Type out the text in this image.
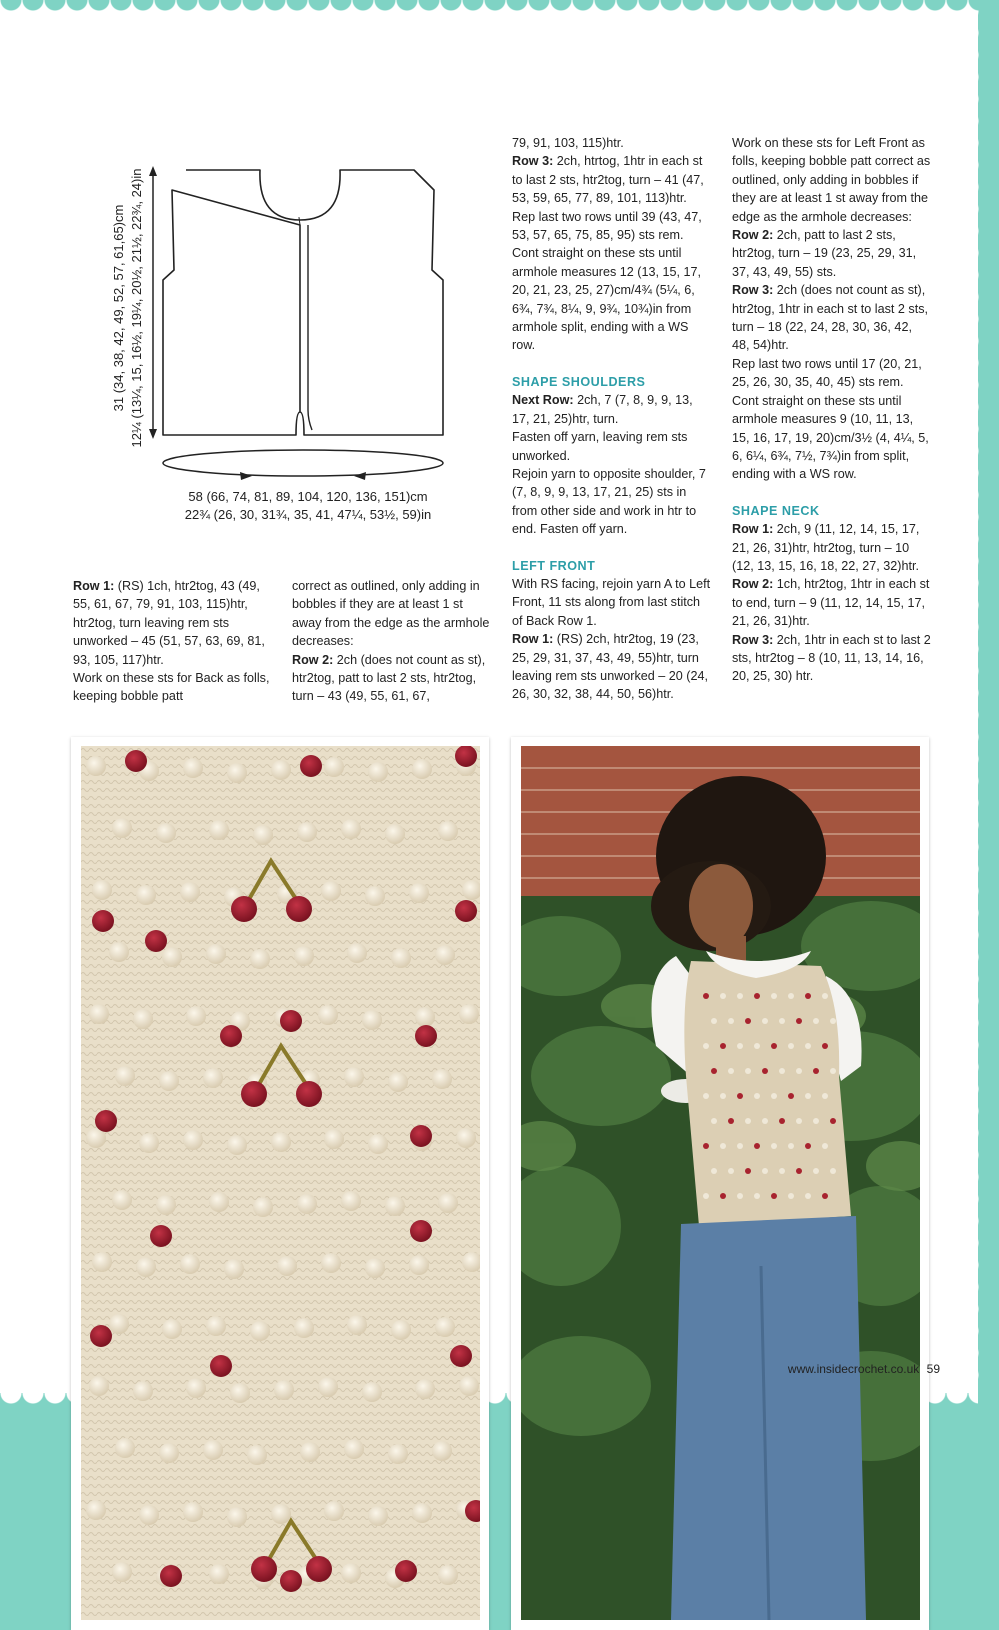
31 (34, 38, 42, 49, 52, 57, 61,65)cm 12¼ (13¼, 15, 16½, 19¼, 20½, 21½, 22¾, 24)in
58 (66, 74, 81, 89, 104, 120, 136, 151)cm
22¾ (26, 30, 31¾, 35, 41, 47¼, 53½, 59)in

Row 1: (RS) 1ch, htr2tog, 43 (49, 55, 61, 67, 79, 91, 103, 115)htr, htr2tog, turn leaving rem sts unworked – 45 (51, 57, 63, 69, 81, 93, 105, 117)htr.

Work on these sts for Back as folls, keeping bobble patt

correct as outlined, only adding in bobbles if they are at least 1 st away from the edge as the armhole decreases:

Row 2: 2ch (does not count as st), htr2tog, patt to last 2 sts, htr2tog, turn – 43 (49, 55, 61, 67,

79, 91, 103, 115)htr.

Row 3: 2ch, htrtog, 1htr in each st to last 2 sts, htr2tog, turn – 41 (47, 53, 59, 65, 77, 89, 101, 113)htr.

Rep last two rows until 39 (43, 47, 53, 57, 65, 75, 85, 95) sts rem.

Cont straight on these sts until armhole measures 12 (13, 15, 17, 20, 21, 23, 25, 27)cm/4¾ (5¼, 6, 6¾, 7¾, 8¼, 9, 9¾, 10¾)in from armhole split, ending with a WS row.

SHAPE SHOULDERS

Next Row: 2ch, 7 (7, 8, 9, 9, 13, 17, 21, 25)htr, turn.

Fasten off yarn, leaving rem sts unworked.

Rejoin yarn to opposite shoulder, 7 (7, 8, 9, 9, 13, 17, 21, 25) sts in from other side and work in htr to end. Fasten off yarn.

LEFT FRONT

With RS facing, rejoin yarn A to Left Front, 11 sts along from last stitch of Back Row 1.

Row 1: (RS) 2ch, htr2tog, 19 (23, 25, 29, 31, 37, 43, 49, 55)htr, turn leaving rem sts unworked – 20 (24, 26, 30, 32, 38, 44, 50, 56)htr.

Work on these sts for Left Front as folls, keeping bobble patt correct as outlined, only adding in bobbles if they are at least 1 st away from the edge as the armhole decreases:

Row 2: 2ch, patt to last 2 sts, htr2tog, turn – 19 (23, 25, 29, 31, 37, 43, 49, 55) sts.

Row 3: 2ch (does not count as st), htr2tog, 1htr in each st to last 2 sts, turn – 18 (22, 24, 28, 30, 36, 42, 48, 54)htr.

Rep last two rows until 17 (20, 21, 25, 26, 30, 35, 40, 45) sts rem.

Cont straight on these sts until armhole measures 9 (10, 11, 13, 15, 16, 17, 19, 20)cm/3½ (4, 4¼, 5, 6, 6¼, 6¾, 7½, 7¾)in from split, ending with a WS row.

SHAPE NECK

Row 1: 2ch, 9 (11, 12, 14, 15, 17, 21, 26, 31)htr, htr2tog, turn – 10 (12, 13, 15, 16, 18, 22, 27, 32)htr.

Row 2: 1ch, htr2tog, 1htr in each st to end, turn – 9 (11, 12, 14, 15, 17, 21, 26, 31)htr.

Row 3: 2ch, 1htr in each st to last 2 sts, htr2tog – 8 (10, 11, 13, 14, 16, 20, 25, 30) htr.

www.insidecrochet.co.uk 59
